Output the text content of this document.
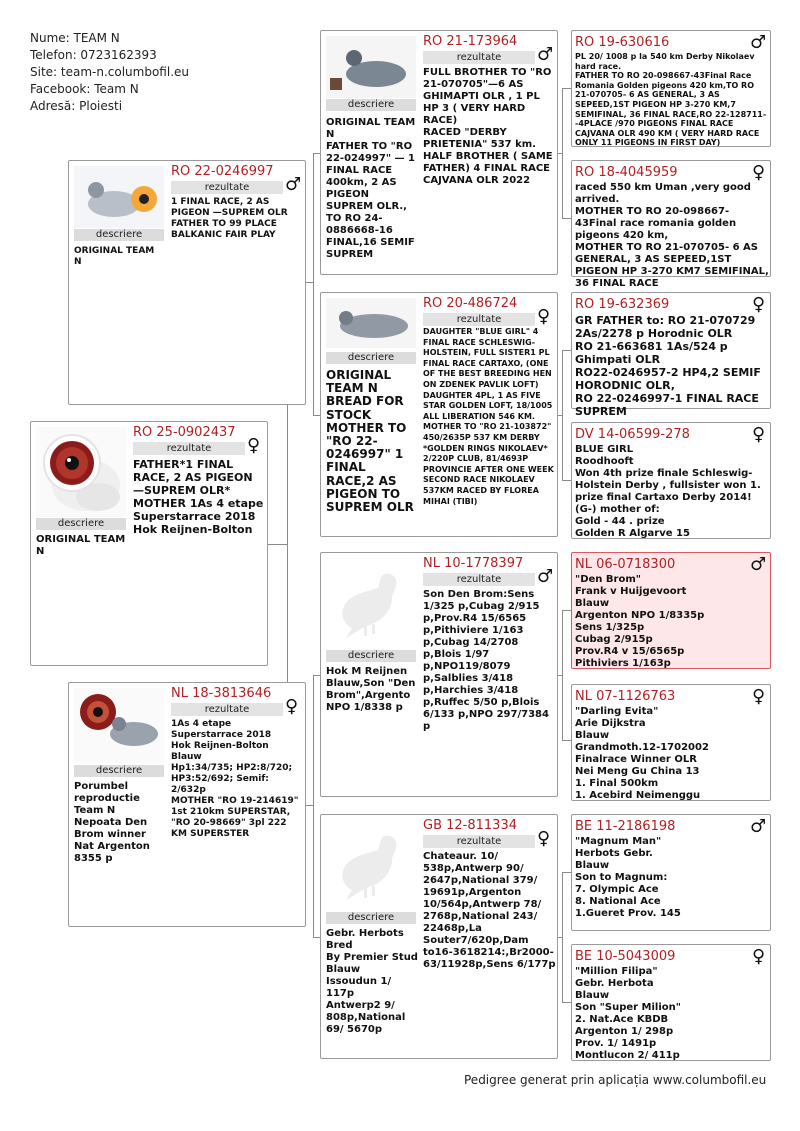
Nume: TEAM N
Telefon: 0723162393
Site: team-n.columbofil.eu
Facebook: Team N
Adresă: Ploiesti
descriere
RO 25-0902437
rezultate	♀
FATHER*1 FINAL RACE, 2 AS PIGEON —SUPREM OLR*
MOTHER 1As 4 etape Superstarrace 2018
Hok Reijnen-Bolton
ORIGINAL TEAM N
descriere
RO 22-0246997
rezultate	♂
1 FINAL RACE, 2 AS PIGEON —SUPREM OLR FATHER TO 99 PLACE BALKANIC FAIR PLAY
ORIGINAL TEAM N
descriere
NL 18-3813646
rezultate	♀
1As 4 etape Superstarrace 2018
Hok Reijnen-Bolton
Blauw
Hp1:34/735; HP2:8/720; HP3:52/692; Semif: 2/632p
MOTHER "RO 19-214619" 1st 210km SUPERSTAR, "RO 20-98669" 3pl 222 KM SUPERSTER
Porumbel reproductie Team N
Nepoata Den Brom winner Nat Argenton 8355 p
descriere
RO 21-173964
rezultate	♂
FULL BROTHER TO "RO 21-070705"—6 AS GHIMAPTI OLR , 1 PL HP 3 ( VERY HARD RACE)
RACED "DERBY PRIETENIA" 537 km.
HALF BROTHER ( SAME FATHER) 4 FINAL RACE CAJVANA OLR 2022
ORIGINAL TEAM N
FATHER TO "RO 22-024997" — 1 FINAL RACE 400km, 2 AS PIGEON SUPREM OLR., TO RO 24-0886668-16 FINAL,16 SEMIF SUPREM
descriere
RO 20-486724
rezultate	♀
DAUGHTER "BLUE GIRL" 4 FINAL RACE SCHLESWIG-HOLSTEIN, FULL SISTER1 PL FINAL RACE CARTAXO, (ONE OF THE BEST BREEDING HEN ON ZDENEK PAVLIK LOFT) DAUGHTER 4PL, 1 AS FIVE STAR GOLDEN LOFT, 18/1005 ALL LIBERATION 546 KM. MOTHER TO "RO 21-103872" 450/2635P 537 KM DERBY *GOLDEN RINGS NIKOLAEV* 2/220P CLUB, 81/4693P PROVINCIE AFTER ONE WEEK SECOND RACE NIKOLAEV 537KM RACED BY FLOREA MIHAI (TIBI)
ORIGINAL TEAM N BREAD FOR STOCK
MOTHER TO "RO 22-0246997" 1 FINAL RACE,2 AS PIGEON TO SUPREM OLR
descriere
NL 10-1778397
rezultate	♂
Son Den Brom:Sens 1/325 p,Cubag 2/915 p,Prov.R4 15/6565 p,Pithiviere 1/163 p,Cubag 14/2708 p,Blois 1/97 p,NPO119/8079 p,Salblies 3/418 p,Harchies 3/418 p,Ruffec 5/50 p,Blois 6/133 p,NPO 297/7384 p
Hok M Reijnen Blauw,Son "Den Brom",Argento NPO 1/8338 p
descriere
GB 12-811334
rezultate	♀
Chateaur. 10/ 538p,Antwerp 90/ 2647p,National 379/ 19691p,Argenton 10/564p,Antwerp 78/ 2768p,National 243/ 22468p,La Souter7/620p,Dam to16-3618214:,Br2000-63/11928p,Sens 6/177p
Gebr. Herbots Bred
By Premier Stud
Blauw
Issoudun 1/ 117p
Antwerp2 9/ 808p,National 69/ 5670p
RO 19-630616	♂
PL 20/ 1008 p la 540 km Derby Nikolaev hard race.
FATHER TO RO 20-098667-43Final Race Romania Golden pigeons 420 km,TO RO 21-070705- 6 AS GENERAL, 3 AS SEPEED,1ST PIGEON HP 3-270 KM,7 SEMIFINAL, 36 FINAL RACE,RO 22-128711--4PLACE /970 PIGEONS FINAL RACE CAJVANA OLR 490 KM ( VERY HARD RACE ONLY 11 PIGEONS IN FIRST DAY)
RO 18-4045959	♀
raced 550 km Uman ,very good arrived.
MOTHER TO RO 20-098667-43Final race romania golden pigeons 420 km,
MOTHER TO RO 21-070705- 6 AS GENERAL, 3 AS SEPEED,1ST PIGEON HP 3-270 KM7 SEMIFINAL, 36 FINAL RACE
RO 19-632369	♀
GR FATHER to: RO 21-070729 2As/2278 p Horodnic OLR
RO 21-663681 1As/524 p Ghimpati OLR
RO22-0246957-2 HP4,2 SEMIF HORODNIC OLR,
RO 22-0246997-1 FINAL RACE SUPREM
DV 14-06599-278	♀
BLUE GIRL
Roodhooft
Won 4th prize finale Schleswig-Holstein Derby , fullsister won 1. prize final Cartaxo Derby 2014!
(G-) mother of:
Gold - 44 . prize
Golden R Algarve 15
NL 06-0718300	♂
"Den Brom"
Frank v Huijgevoort
Blauw
Argenton NPO 1/8335p
Sens 1/325p
Cubag 2/915p
Prov.R4 v 15/6565p
Pithiviers 1/163p
NL 07-1126763	♀
"Darling Evita"
Arie Dijkstra
Blauw
Grandmoth.12-1702002
Finalrace Winner OLR
Nei Meng Gu China 13
1. Final 500km
1. Acebird Neimenggu
BE 11-2186198	♂
"Magnum Man"
Herbots Gebr.
Blauw
Son to Magnum:
7. Olympic Ace
8. National Ace
1.Gueret Prov. 145
BE 10-5043009	♀
"Million Filipa"
Gebr. Herbota
Blauw
Son "Super Milion"
2. Nat.Ace KBDB
Argenton 1/ 298p
Prov. 1/ 1491p
Montlucon 2/ 411p
Pedigree generat prin aplicația www.columbofil.eu
